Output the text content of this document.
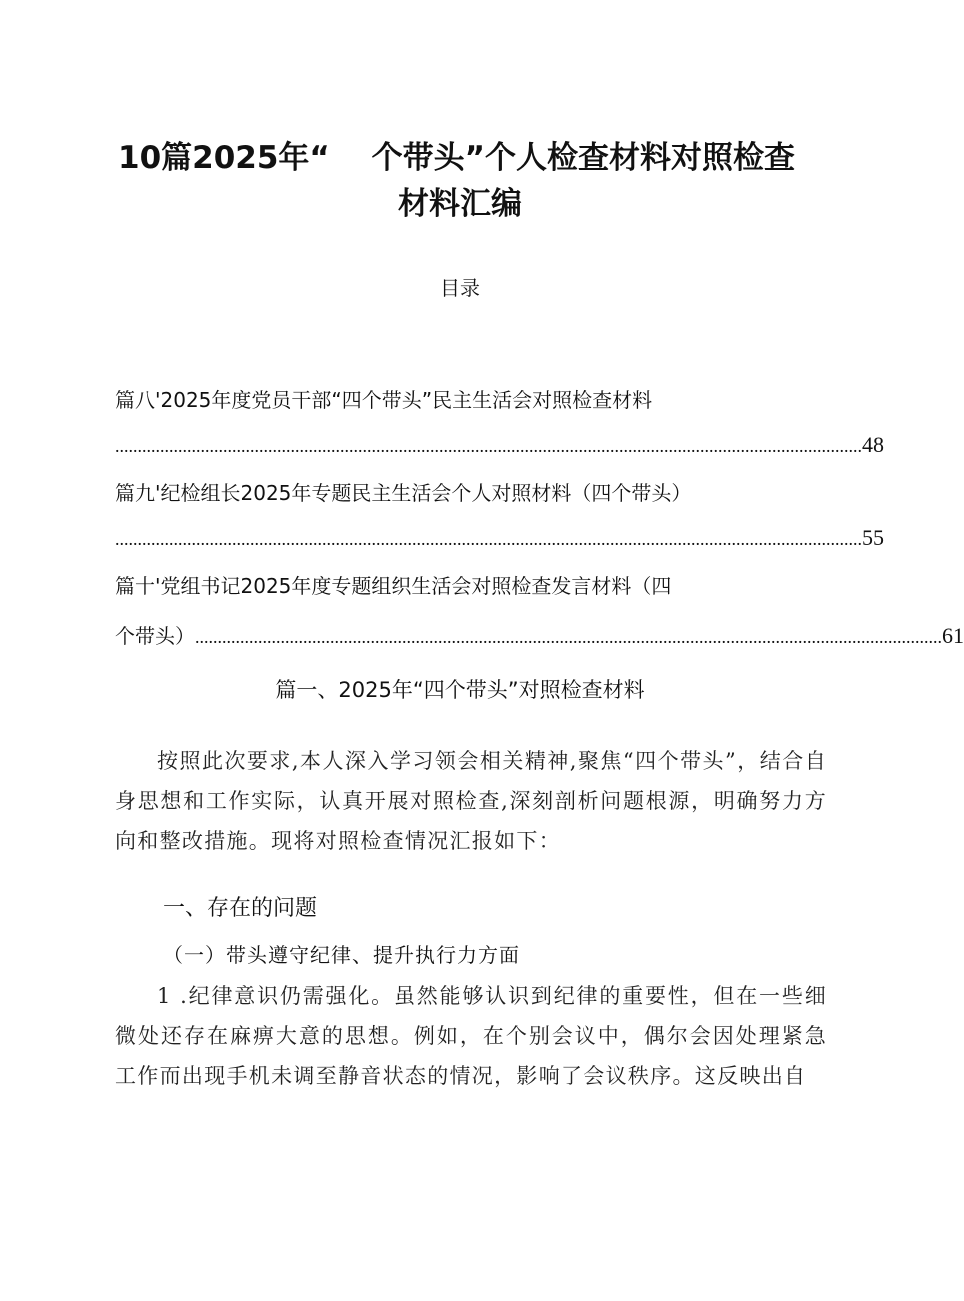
10篇2025年“　 个带头”个人检查材料对照检查
材料汇编
目录
篇八'2025年度党员干部“四个带头”民主生活会对照检查材料
...................................................................................................................................................................... 48
篇九'纪检组长2025年专题民主生活会个人对照材料（四个带头）
...................................................................................................................................................................... 55
篇十'党组书记2025年度专题组织生活会对照检查发言材料（四
个带头） ...................................................................................................................................................................... 61
篇一、2025年“四个带头”对照检查材料

按照此次要求,本人深入学习领会相关精神,聚焦“四个带头”，结合自身思想和工作实际，认真开展对照检查,深刻剖析问题根源，明确努力方向和整改措施。现将对照检查情况汇报如下：

一、存在的问题
（一）带头遵守纪律、提升执行力方面

1 .纪律意识仍需强化。虽然能够认识到纪律的重要性，但在一些细微处还存在麻痹大意的思想。例如，在个别会议中，偶尔会因处理紧急工作而出现手机未调至静音状态的情况，影响了会议秩序。这反映出自
